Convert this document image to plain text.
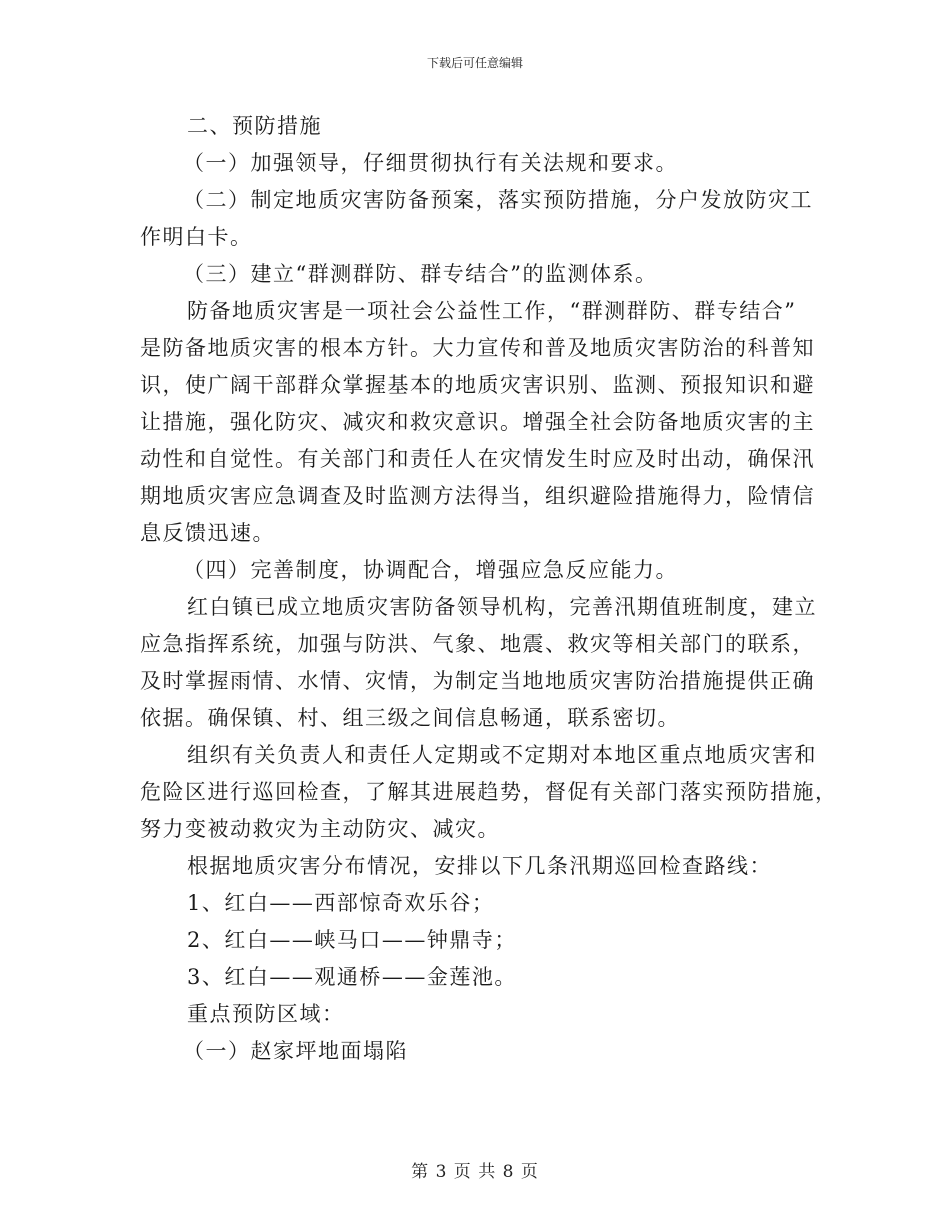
下载后可任意编辑
二、预防措施
（一）加强领导，仔细贯彻执行有关法规和要求。
（二）制定地质灾害防备预案，落实预防措施，分户发放防灾工
作明白卡。
（三）建立“群测群防、群专结合”的监测体系。
防备地质灾害是一项社会公益性工作，“群测群防、群专结合”
是防备地质灾害的根本方针。大力宣传和普及地质灾害防治的科普知
识，使广阔干部群众掌握基本的地质灾害识别、监测、预报知识和避
让措施，强化防灾、减灾和救灾意识。增强全社会防备地质灾害的主
动性和自觉性。有关部门和责任人在灾情发生时应及时出动，确保汛
期地质灾害应急调查及时监测方法得当，组织避险措施得力，险情信
息反馈迅速。
（四）完善制度，协调配合，增强应急反应能力。
红白镇已成立地质灾害防备领导机构，完善汛期值班制度，建立
应急指挥系统，加强与防洪、气象、地震、救灾等相关部门的联系，
及时掌握雨情、水情、灾情，为制定当地地质灾害防治措施提供正确
依据。确保镇、村、组三级之间信息畅通，联系密切。
组织有关负责人和责任人定期或不定期对本地区重点地质灾害和
危险区进行巡回检查，了解其进展趋势，督促有关部门落实预防措施，
努力变被动救灾为主动防灾、减灾。
根据地质灾害分布情况，安排以下几条汛期巡回检查路线：
1、红白——西部惊奇欢乐谷；
2、红白——峡马口——钟鼎寺；
3、红白——观通桥——金莲池。
重点预防区域：
（一）赵家坪地面塌陷
第 3 页 共 8 页
